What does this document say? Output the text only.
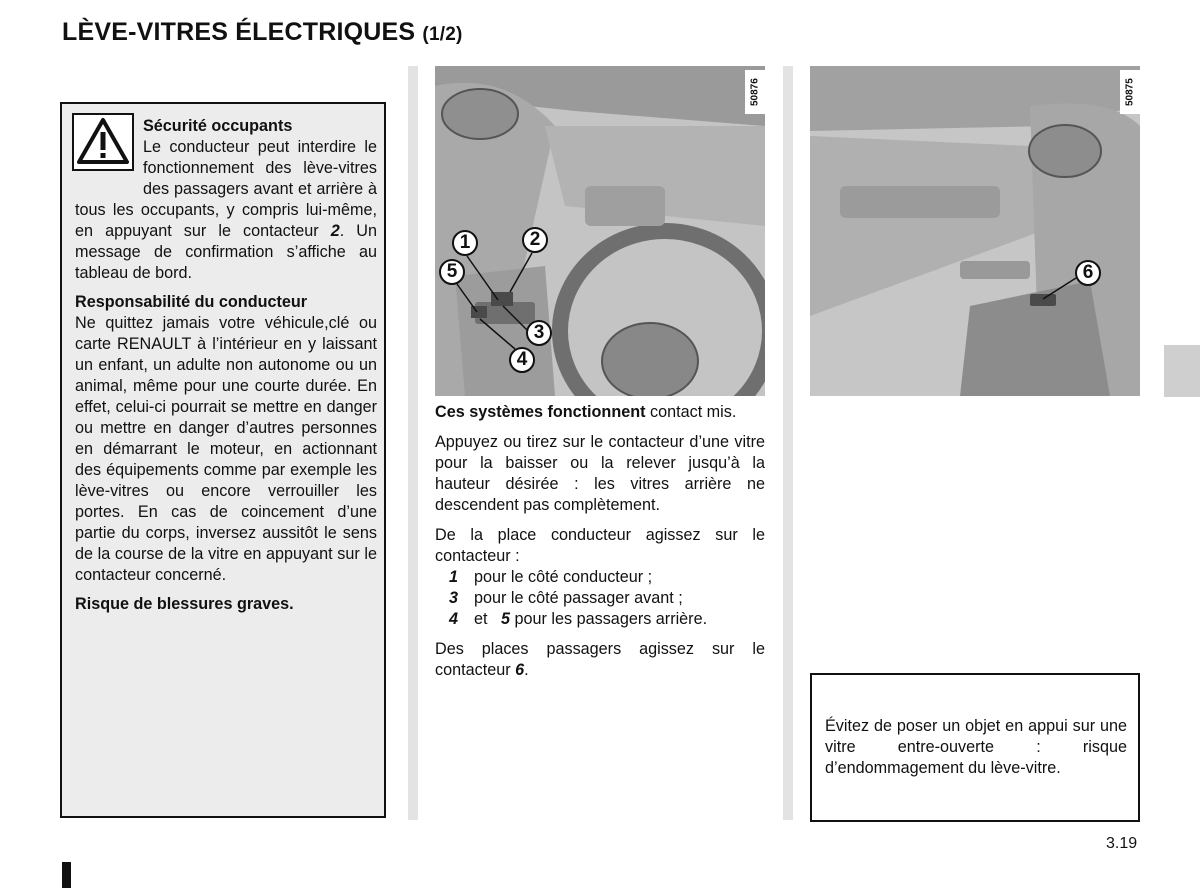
LÈVE-VITRES ÉLECTRIQUES (1/2)

Sécurité occupants
Le conducteur peut interdire le fonctionnement des lève-vitres des passagers avant et arrière à tous les occupants, y compris lui-même, en appuyant sur le contacteur 2. Un message de confirmation s’affiche au tableau de bord.

Responsabilité du conducteur
Ne quittez jamais votre véhicule,clé ou carte RENAULT à l’intérieur en y laissant un enfant, un adulte non autonome ou un animal, même pour une courte durée. En effet, celui-ci pourrait se mettre en danger ou mettre en danger d’autres personnes en démarrant le moteur, en actionnant des équipements comme par exemple les lève-vitres ou encore verrouiller les portes. En cas de coincement d’une partie du corps, inversez aussitôt le sens de la course de la vitre en appuyant sur le contacteur concerné.

Risque de blessures graves.

50876
1	2
5
3
4
50875
6

Ces systèmes fonctionnent contact mis.

Appuyez ou tirez sur le contacteur d’une vitre pour la baisser ou la relever jusqu’à la hauteur désirée : les vitres arrière ne descendent pas complètement.

De la place conducteur agissez sur le contacteur :
1 pour le côté conducteur ;
3 pour le côté passager avant ;
4 et 5 pour les passagers arrière.

Des places passagers agissez sur le contacteur 6.

Évitez de poser un objet en appui sur une vitre entre-ouverte : risque d’endommagement du lève-vitre.

3.19
